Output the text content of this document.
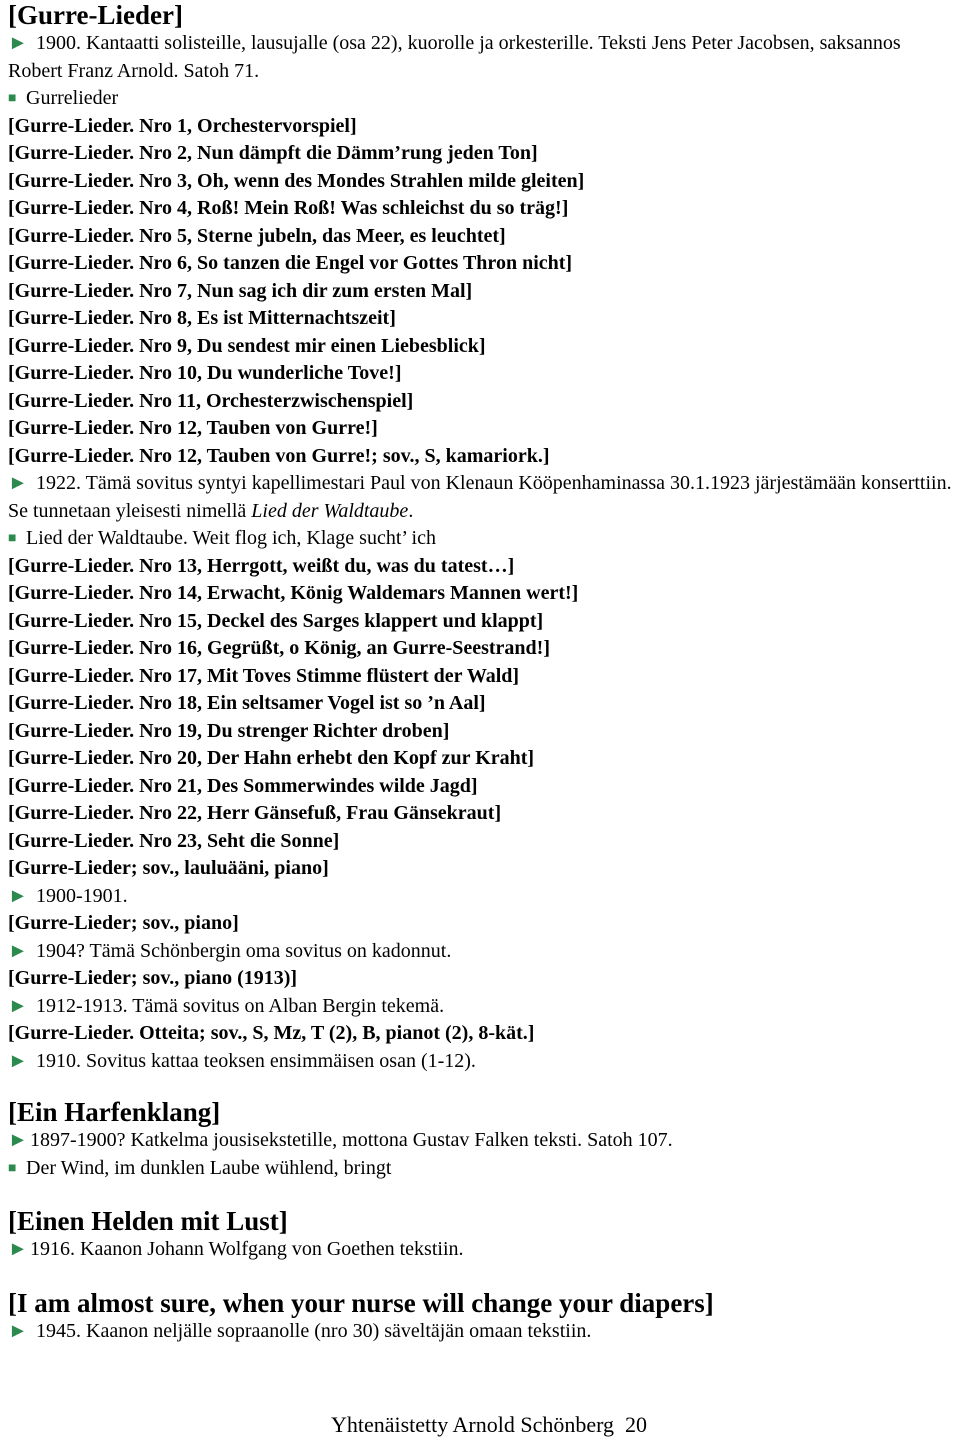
[Gurre-Lieder]
► 1900. Kantaatti solisteille, lausujalle (osa 22), kuorolle ja orkesterille. Teksti Jens Peter Jacobsen, saksannos Robert Franz Arnold. Satoh 71.
■ Gurrelieder
[Gurre-Lieder. Nro 1, Orchestervorspiel]
[Gurre-Lieder. Nro 2, Nun dämpft die Dämm’rung jeden Ton]
[Gurre-Lieder. Nro 3, Oh, wenn des Mondes Strahlen milde gleiten]
[Gurre-Lieder. Nro 4, Roß! Mein Roß! Was schleichst du so träg!]
[Gurre-Lieder. Nro 5, Sterne jubeln, das Meer, es leuchtet]
[Gurre-Lieder. Nro 6, So tanzen die Engel vor Gottes Thron nicht]
[Gurre-Lieder. Nro 7, Nun sag ich dir zum ersten Mal]
[Gurre-Lieder. Nro 8, Es ist Mitternachtszeit]
[Gurre-Lieder. Nro 9, Du sendest mir einen Liebesblick]
[Gurre-Lieder. Nro 10, Du wunderliche Tove!]
[Gurre-Lieder. Nro 11, Orchesterzwischenspiel]
[Gurre-Lieder. Nro 12, Tauben von Gurre!]
[Gurre-Lieder. Nro 12, Tauben von Gurre!; sov., S, kamariork.]
► 1922. Tämä sovitus syntyi kapellimestari Paul von Klenaun Kööpenhaminassa 30.1.1923 järjestämään konserttiin. Se tunnetaan yleisesti nimellä Lied der Waldtaube.
■ Lied der Waldtaube. Weit flog ich, Klage sucht’ ich
[Gurre-Lieder. Nro 13, Herrgott, weißt du, was du tatest…]
[Gurre-Lieder. Nro 14, Erwacht, König Waldemars Mannen wert!]
[Gurre-Lieder. Nro 15, Deckel des Sarges klappert und klappt]
[Gurre-Lieder. Nro 16, Gegrüßt, o König, an Gurre-Seestrand!]
[Gurre-Lieder. Nro 17, Mit Toves Stimme flüstert der Wald]
[Gurre-Lieder. Nro 18, Ein seltsamer Vogel ist so ’n Aal]
[Gurre-Lieder. Nro 19, Du strenger Richter droben]
[Gurre-Lieder. Nro 20, Der Hahn erhebt den Kopf zur Kraht]
[Gurre-Lieder. Nro 21, Des Sommerwindes wilde Jagd]
[Gurre-Lieder. Nro 22, Herr Gänsefuß, Frau Gänsekraut]
[Gurre-Lieder. Nro 23, Seht die Sonne]
[Gurre-Lieder; sov., lauluääni, piano]
► 1900-1901.
[Gurre-Lieder; sov., piano]
► 1904? Tämä Schönbergin oma sovitus on kadonnut.
[Gurre-Lieder; sov., piano (1913)]
► 1912-1913. Tämä sovitus on Alban Bergin tekemä.
[Gurre-Lieder. Otteita; sov., S, Mz, T (2), B, pianot (2), 8-kät.]
► 1910. Sovitus kattaa teoksen ensimmäisen osan (1-12).
[Ein Harfenklang]
► 1897-1900? Katkelma jousisekstetille, mottona Gustav Falken teksti. Satoh 107.
■ Der Wind, im dunklen Laube wühlend, bringt
[Einen Helden mit Lust]
► 1916. Kaanon Johann Wolfgang von Goethen tekstiin.
[I am almost sure, when your nurse will change your diapers]
► 1945. Kaanon neljälle sopraanolle (nro 30) säveltäjän omaan tekstiin.
Yhtenäistetty Arnold Schönberg  20
